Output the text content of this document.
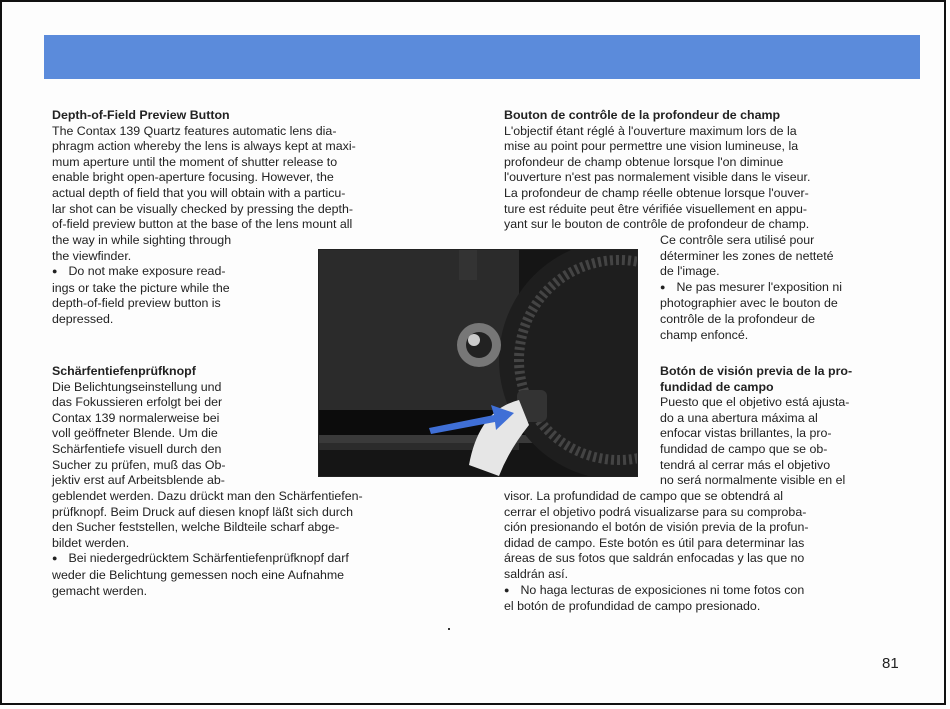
Depth-of-Field Preview Button

The Contax 139 Quartz features automatic lens dia-
phragm action whereby the lens is always kept at maxi-
mum aperture until the moment of shutter release to
enable bright open-aperture focusing. However, the
actual depth of field that you will obtain with a particu-
lar shot can be visually checked by pressing the depth-
of-field preview button at the base of the lens mount all

the way in while sighting through
the viewfinder.

● Do not make exposure read-
ings or take the picture while the
depth-of-field preview button is
depressed.

Schärfentiefenprüfknopf

Die Belichtungseinstellung und
das Fokussieren erfolgt bei der
Contax 139 normalerweise bei
voll geöffneter Blende. Um die
Schärfentiefe visuell durch den
Sucher zu prüfen, muß das Ob-
jektiv erst auf Arbeitsblende ab-

geblendet werden. Dazu drückt man den Schärfentiefen-
prüfknopf. Beim Druck auf diesen knopf läßt sich durch
den Sucher feststellen, welche Bildteile scharf abge-
bildet werden.

● Bei niedergedrücktem Schärfentiefenprüfknopf darf
weder die Belichtung gemessen noch eine Aufnahme
gemacht werden.

Bouton de contrôle de la profondeur de champ

L'objectif étant réglé à l'ouverture maximum lors de la
mise au point pour permettre une vision lumineuse, la
profondeur de champ obtenue lorsque l'on diminue
l'ouverture n'est pas normalement visible dans le viseur.
La profondeur de champ réelle obtenue lorsque l'ouver-
ture est réduite peut être vérifiée visuellement en appu-
yant sur le bouton de contrôle de profondeur de champ.

Ce contrôle sera utilisé pour
déterminer les zones de netteté
de l'image.

● Ne pas mesurer l'exposition ni
photographier avec le bouton de
contrôle de la profondeur de
champ enfoncé.

Botón de visión previa de la pro-
fundidad de campo

Puesto que el objetivo está ajusta-
do a una abertura máxima al
enfocar vistas brillantes, la pro-
fundidad de campo que se ob-
tendrá al cerrar más el objetivo
no será normalmente visible en el

visor. La profundidad de campo que se obtendrá al
cerrar el objetivo podrá visualizarse para su comproba-
ción presionando el botón de visión previa de la profun-
didad de campo. Este botón es útil para determinar las
áreas de sus fotos que saldrán enfocadas y las que no
saldrán así.

● No haga lecturas de exposiciones ni tome fotos con
el botón de profundidad de campo presionado.

81
